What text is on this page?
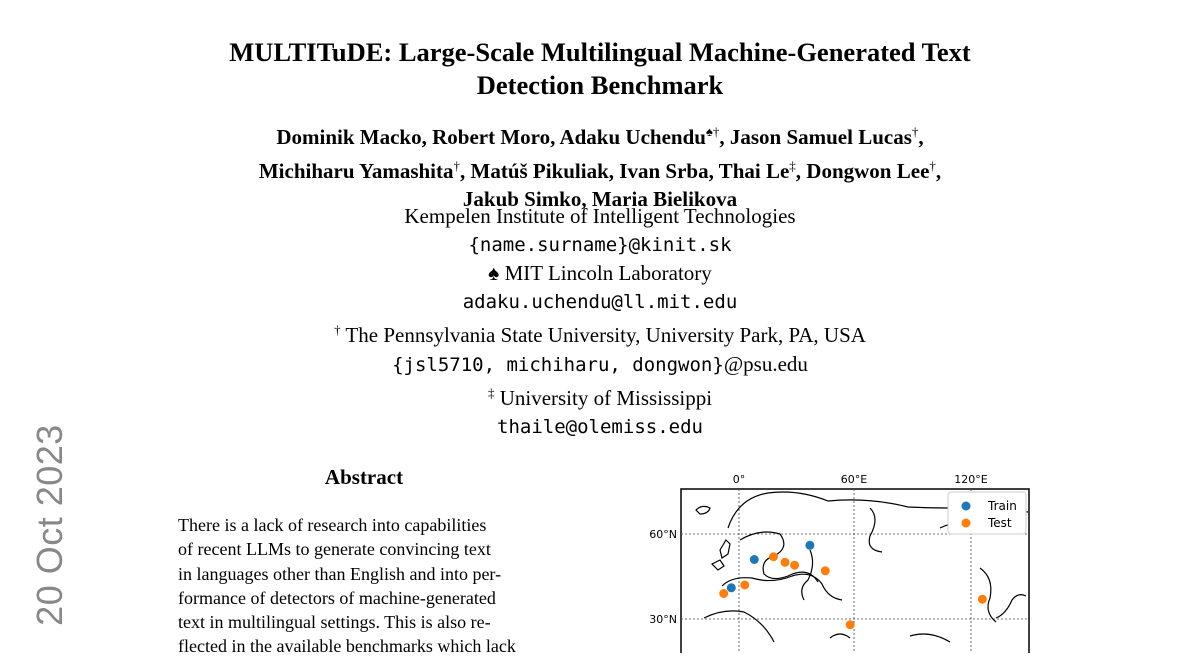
20 Oct 2023
MULTITuDE: Large-Scale Multilingual Machine-Generated Text
Detection Benchmark
Dominik Macko, Robert Moro, Adaku Uchendu♠†, Jason Samuel Lucas†,
Michiharu Yamashita†, Matúš Pikuliak, Ivan Srba, Thai Le‡, Dongwon Lee†,
Jakub Simko, Maria Bielikova
Kempelen Institute of Intelligent Technologies
{name.surname}@kinit.sk
♠ MIT Lincoln Laboratory
adaku.uchendu@ll.mit.edu
† The Pennsylvania State University, University Park, PA, USA
{jsl5710, michiharu, dongwon}@psu.edu
‡ University of Mississippi
thaile@olemiss.edu
Abstract
There is a lack of research into capabilities
of recent LLMs to generate convincing text
in languages other than English and into per-
formance of detectors of machine-generated
text in multilingual settings. This is also re-
flected in the available benchmarks which lack
0°	60°E	120°E
60°N
30°N
Train
Test
